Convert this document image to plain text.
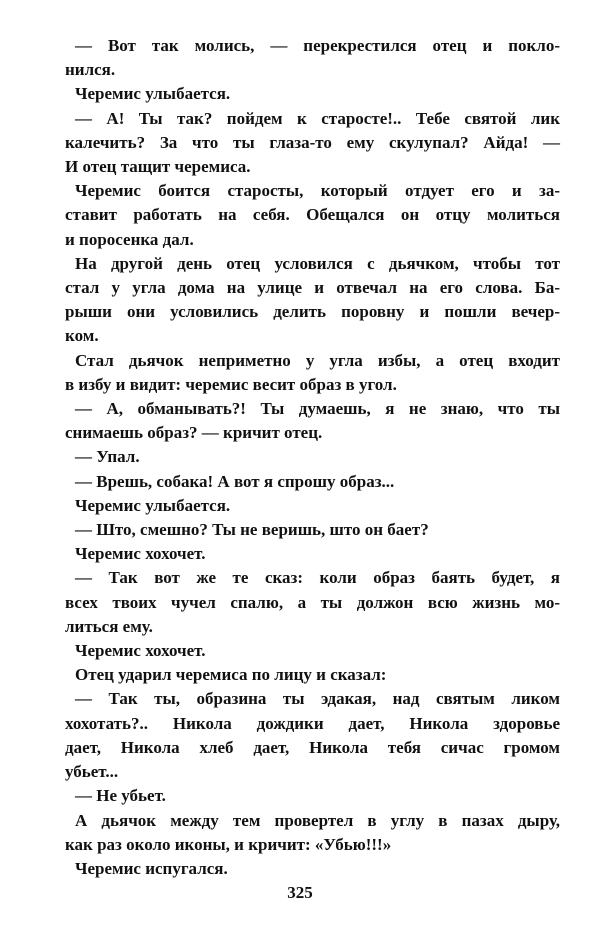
— Вот так молись, — перекрестился отец и покло-
нился.
Черемис улыбается.
— А! Ты так? пойдем к старосте!.. Тебе святой лик
калечить? За что ты глаза-то ему скулупал? Айда! —
И отец тащит черемиса.
Черемис боится старосты, который отдует его и за-
ставит работать на себя. Обещался он отцу молиться
и поросенка дал.
На другой день отец условился с дьячком, чтобы тот
стал у угла дома на улице и отвечал на его слова. Ба-
рыши они условились делить поровну и пошли вечер-
ком.
Стал дьячок неприметно у угла избы, а отец входит
в избу и видит: черемис весит образ в угол.
— А, обманывать?! Ты думаешь, я не знаю, что ты
снимаешь образ? — кричит отец.
— Упал.
— Врешь, собака! А вот я спрошу образ...
Черемис улыбается.
— Што, смешно? Ты не веришь, што он бает?
Черемис хохочет.
— Так вот же те сказ: коли образ баять будет, я
всех твоих чучел спалю, а ты должон всю жизнь мо-
литься ему.
Черемис хохочет.
Отец ударил черемиса по лицу и сказал:
— Так ты, образина ты эдакая, над святым ликом
хохотать?.. Никола дождики дает, Никола здоровье
дает, Никола хлеб дает, Никола тебя сичас громом
убьет...
— Не убьет.
А дьячок между тем провертел в углу в пазах дыру,
как раз около иконы, и кричит: «Убью!!!»
Черемис испугался.
325
